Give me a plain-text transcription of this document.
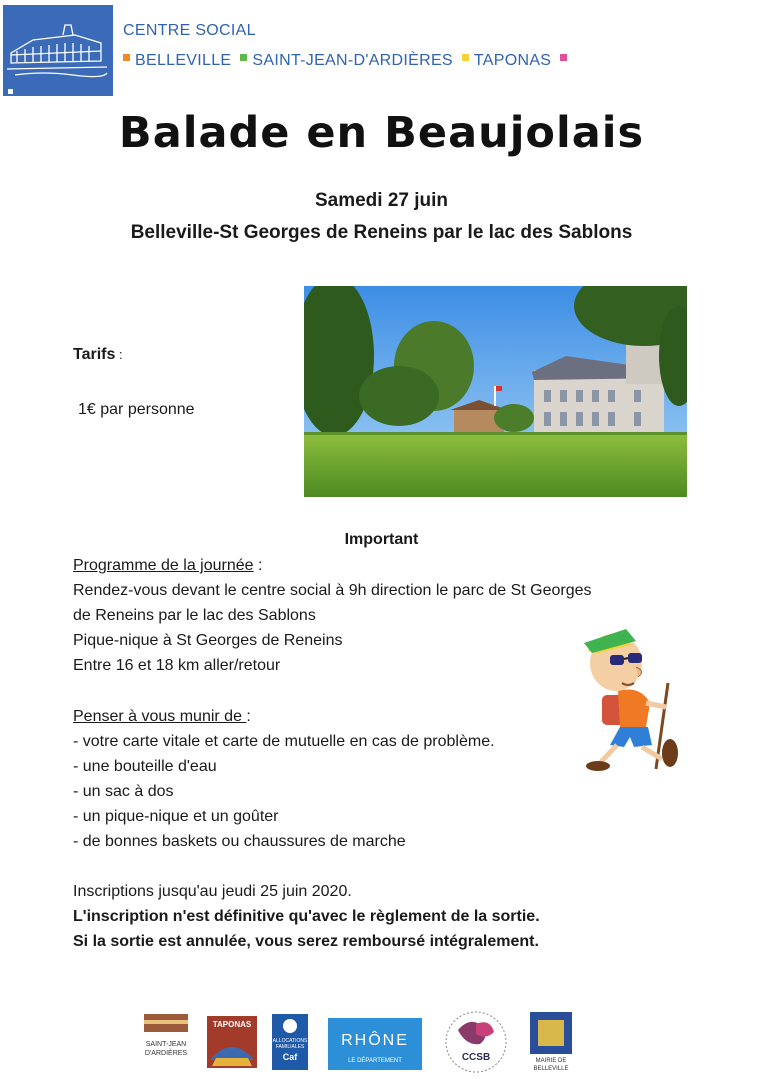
CENTRE SOCIAL
BELLEVILLE SAINT-JEAN-D'ARDIÈRES TAPONAS
Balade en Beaujolais
Samedi 27 juin
Belleville-St Georges de Reneins par le lac des Sablons
Tarifs :
1€ par personne
Important
Programme de la journée :
Rendez-vous devant le centre social à 9h direction le parc de St Georges
de Reneins par le lac des Sablons
Pique-nique à St Georges de Reneins
Entre 16 et 18 km aller/retour
Penser à vous munir de :
- votre carte vitale et carte de mutuelle en cas de problème.
- une bouteille d'eau
- un sac à dos
- un pique-nique et un goûter
- de bonnes baskets ou chaussures de marche
Inscriptions jusqu'au jeudi 25 juin 2020.
L'inscription n'est définitive qu'avec le règlement de la sortie.
Si la sortie est annulée, vous serez remboursé intégralement.
SAINT-JEAN
D'ARDIÈRES
TAPONAS
ALLOCATIONS
FAMILIALES
Caf
RHÔNE
LE DÉPARTEMENT	CCSB	MAIRIE DE
BELLEVILLE
